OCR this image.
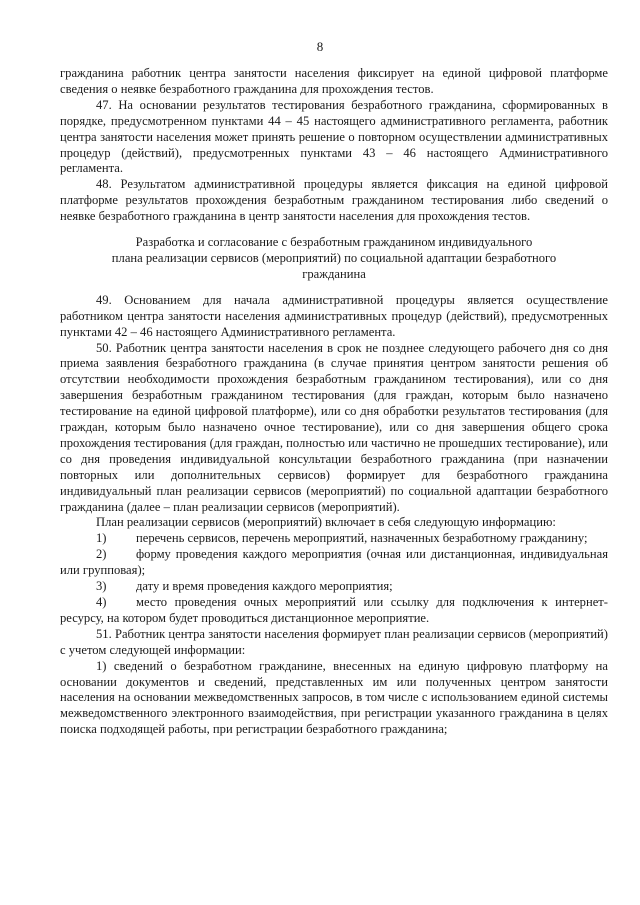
8

гражданина работник центра занятости населения фиксирует на единой цифровой платформе сведения о неявке безработного гражданина для прохождения тестов.

47. На основании результатов тестирования безработного гражданина, сформированных в порядке, предусмотренном пунктами 44 – 45 настоящего административного регламента, работник центра занятости населения может принять решение о повторном осуществлении административных процедур (действий), предусмотренных пунктами 43 – 46 настоящего Административного регламента.

48. Результатом административной процедуры является фиксация на единой цифровой платформе результатов прохождения безработным гражданином тестирования либо сведений о неявке безработного гражданина в центр занятости населения для прохождения тестов.

Разработка и согласование с безработным гражданином индивидуального
плана реализации сервисов (мероприятий) по социальной адаптации безработного
гражданина

49. Основанием для начала административной процедуры является осуществление работником центра занятости населения административных процедур (действий), предусмотренных пунктами 42 – 46 настоящего Административного регламента.

50. Работник центра занятости населения в срок не позднее следующего рабочего дня со дня приема заявления безработного гражданина (в случае принятия центром занятости решения об отсутствии необходимости прохождения безработным гражданином тестирования), или со дня завершения безработным гражданином тестирования (для граждан, которым было назначено тестирование на единой цифровой платформе), или со дня обработки результатов тестирования (для граждан, которым было назначено очное тестирование), или со дня завершения общего срока прохождения тестирования (для граждан, полностью или частично не прошедших тестирование), или со дня проведения индивидуальной консультации безработного гражданина (при назначении повторных или дополнительных сервисов) формирует для безработного гражданина индивидуальный план реализации сервисов (мероприятий) по социальной адаптации безработного гражданина (далее – план реализации сервисов (мероприятий).

План реализации сервисов (мероприятий) включает в себя следующую информацию:

1) перечень сервисов, перечень мероприятий, назначенных безработному гражданину;

2) форму проведения каждого мероприятия (очная или дистанционная, индивидуальная или групповая);

3) дату и время проведения каждого мероприятия;

4) место проведения очных мероприятий или ссылку для подключения к интернет-ресурсу, на котором будет проводиться дистанционное мероприятие.

51. Работник центра занятости населения формирует план реализации сервисов (мероприятий) с учетом следующей информации:

1) сведений о безработном гражданине, внесенных на единую цифровую платформу на основании документов и сведений, представленных им или полученных центром занятости населения на основании межведомственных запросов, в том числе с использованием единой системы межведомственного электронного взаимодействия, при регистрации указанного гражданина в целях поиска подходящей работы, при регистрации безработного гражданина;
